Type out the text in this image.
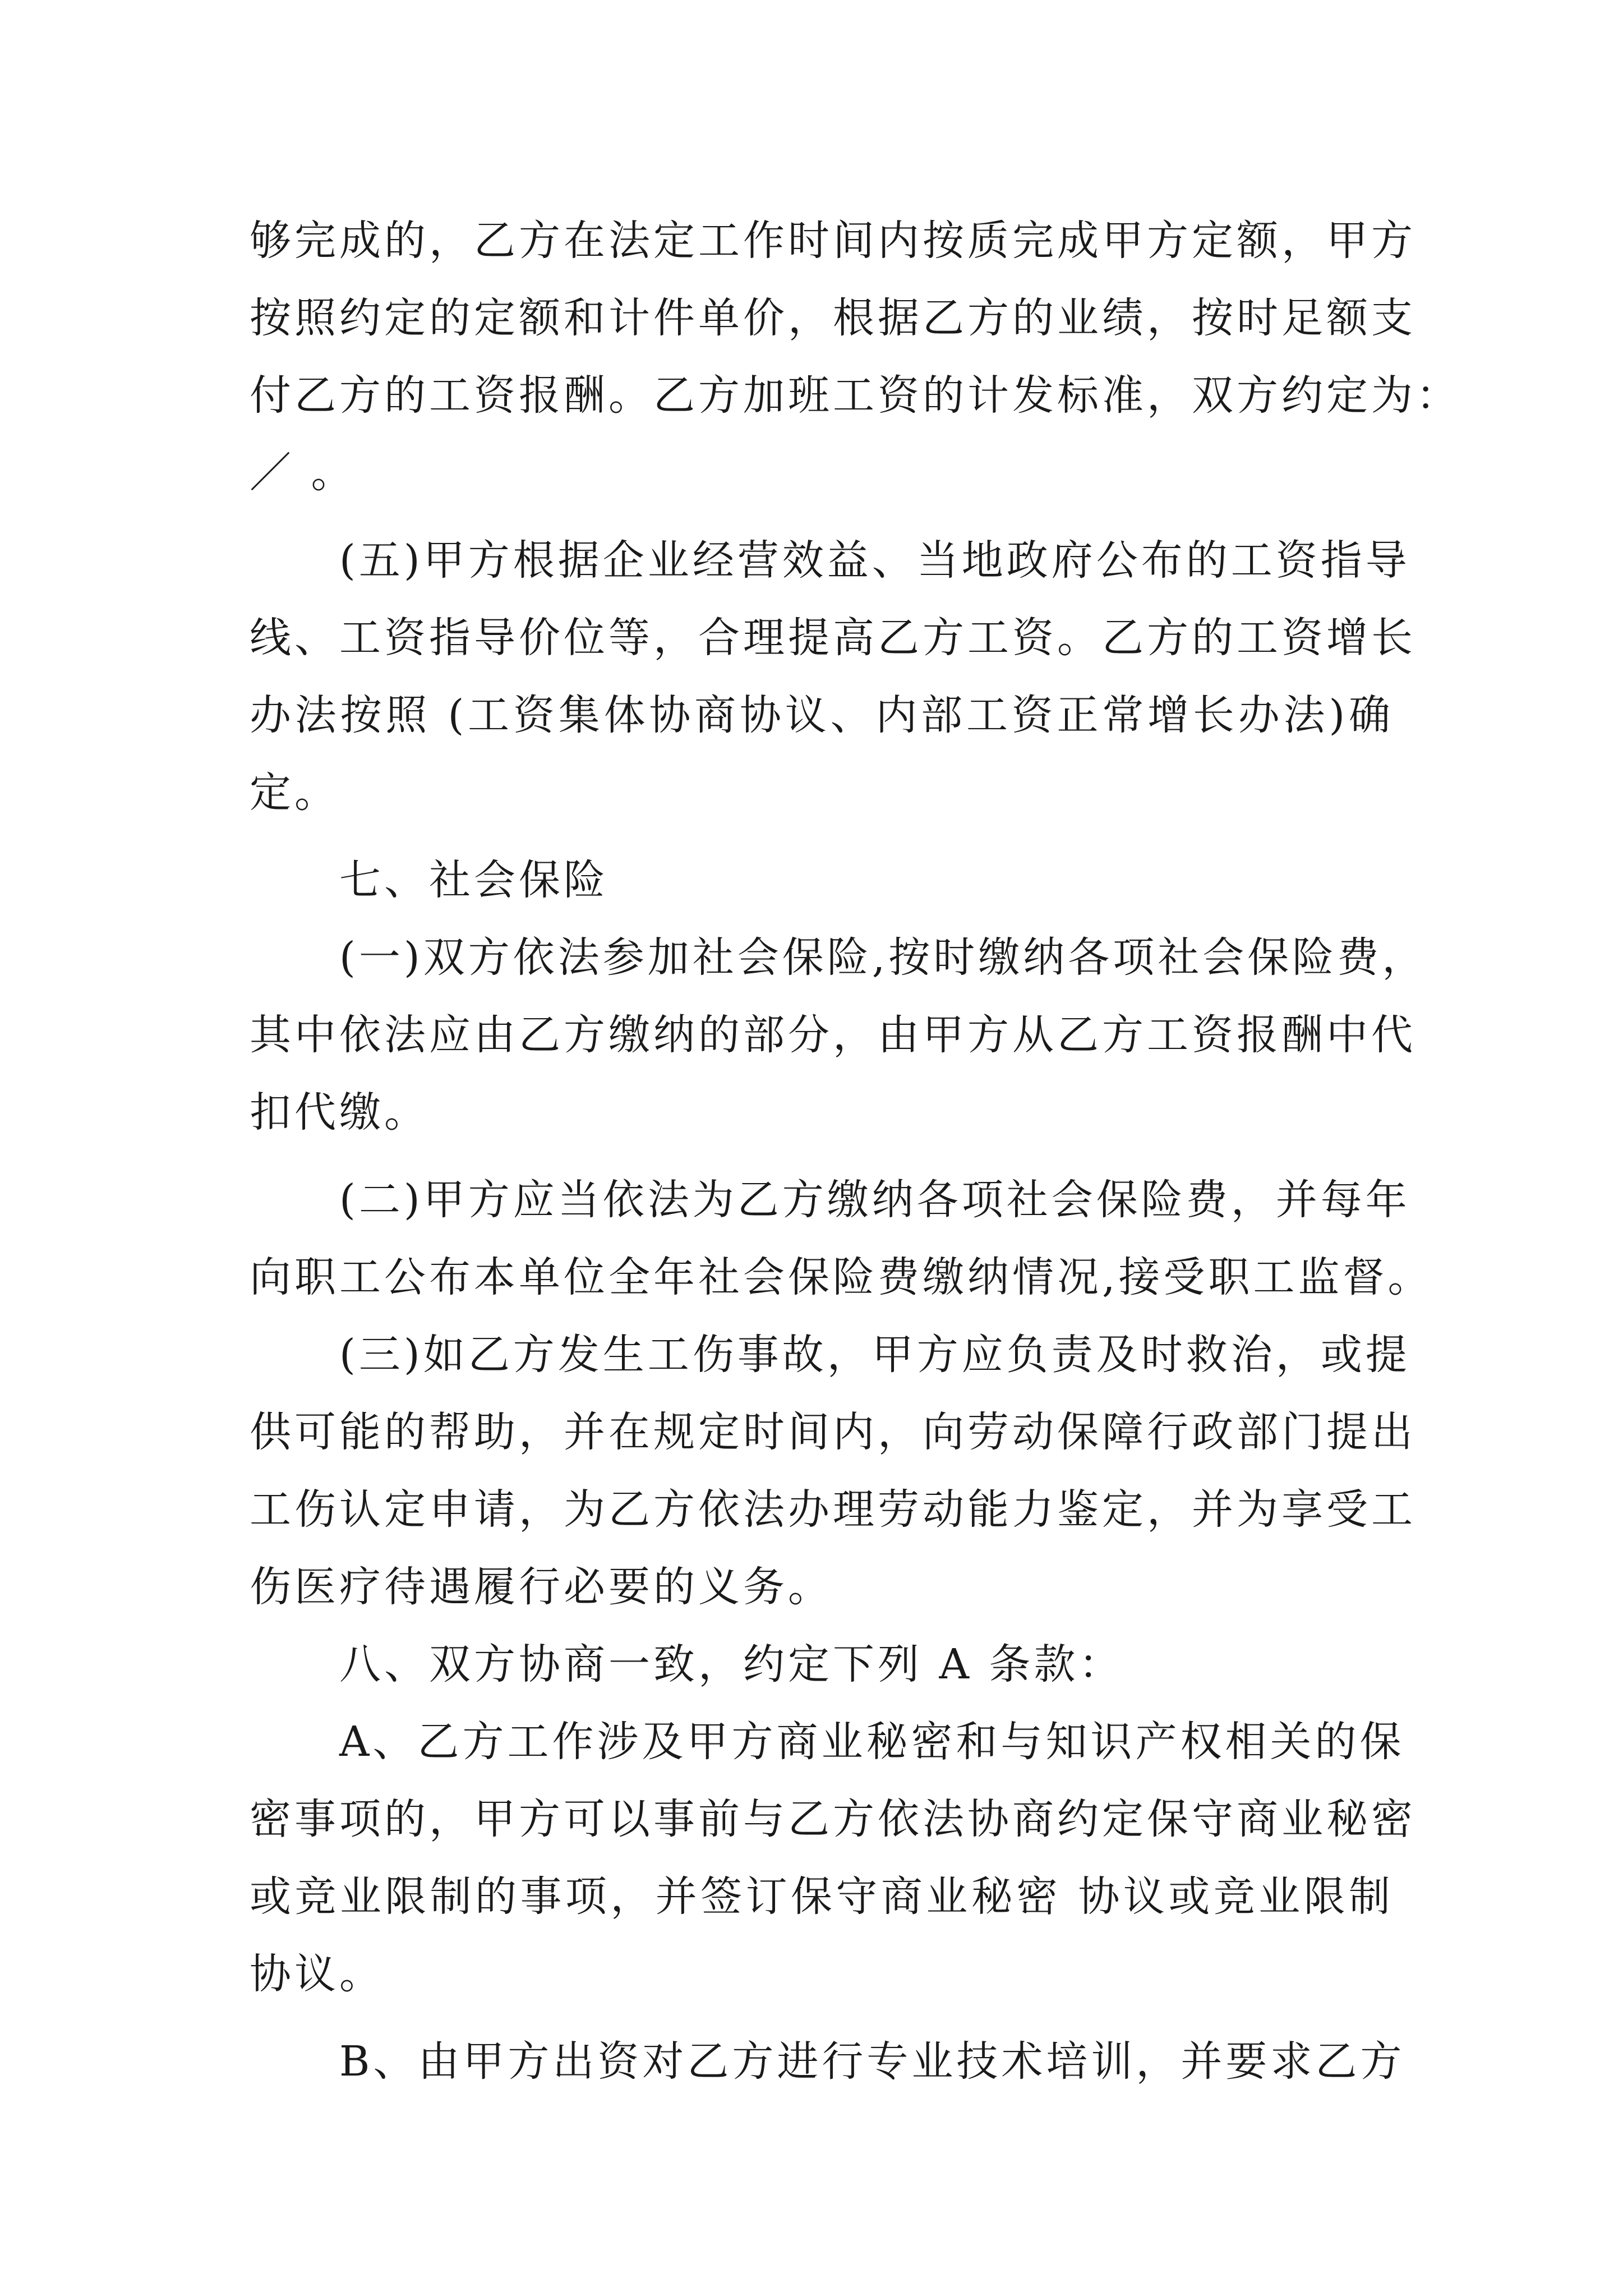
够完成的，乙方在法定工作时间内按质完成甲方定额，甲方
按照约定的定额和计件单价，根据乙方的业绩，按时足额支
付乙方的工资报酬。乙方加班工资的计发标准，双方约定为：
／ 。
(五)甲方根据企业经营效益、当地政府公布的工资指导
线、工资指导价位等，合理提高乙方工资。乙方的工资增长
办法按照 (工资集体协商协议、内部工资正常增长办法)确
定。
七、社会保险
(一)双方依法参加社会保险,按时缴纳各项社会保险费，
其中依法应由乙方缴纳的部分，由甲方从乙方工资报酬中代
扣代缴。
(二)甲方应当依法为乙方缴纳各项社会保险费，并每年
向职工公布本单位全年社会保险费缴纳情况,接受职工监督。
(三)如乙方发生工伤事故，甲方应负责及时救治，或提
供可能的帮助，并在规定时间内，向劳动保障行政部门提出
工伤认定申请，为乙方依法办理劳动能力鉴定，并为享受工
伤医疗待遇履行必要的义务。
八、双方协商一致，约定下列 A 条款：
A、乙方工作涉及甲方商业秘密和与知识产权相关的保
密事项的，甲方可以事前与乙方依法协商约定保守商业秘密
或竞业限制的事项，并签订保守商业秘密 协议或竞业限制
协议。
B、由甲方出资对乙方进行专业技术培训，并要求乙方
